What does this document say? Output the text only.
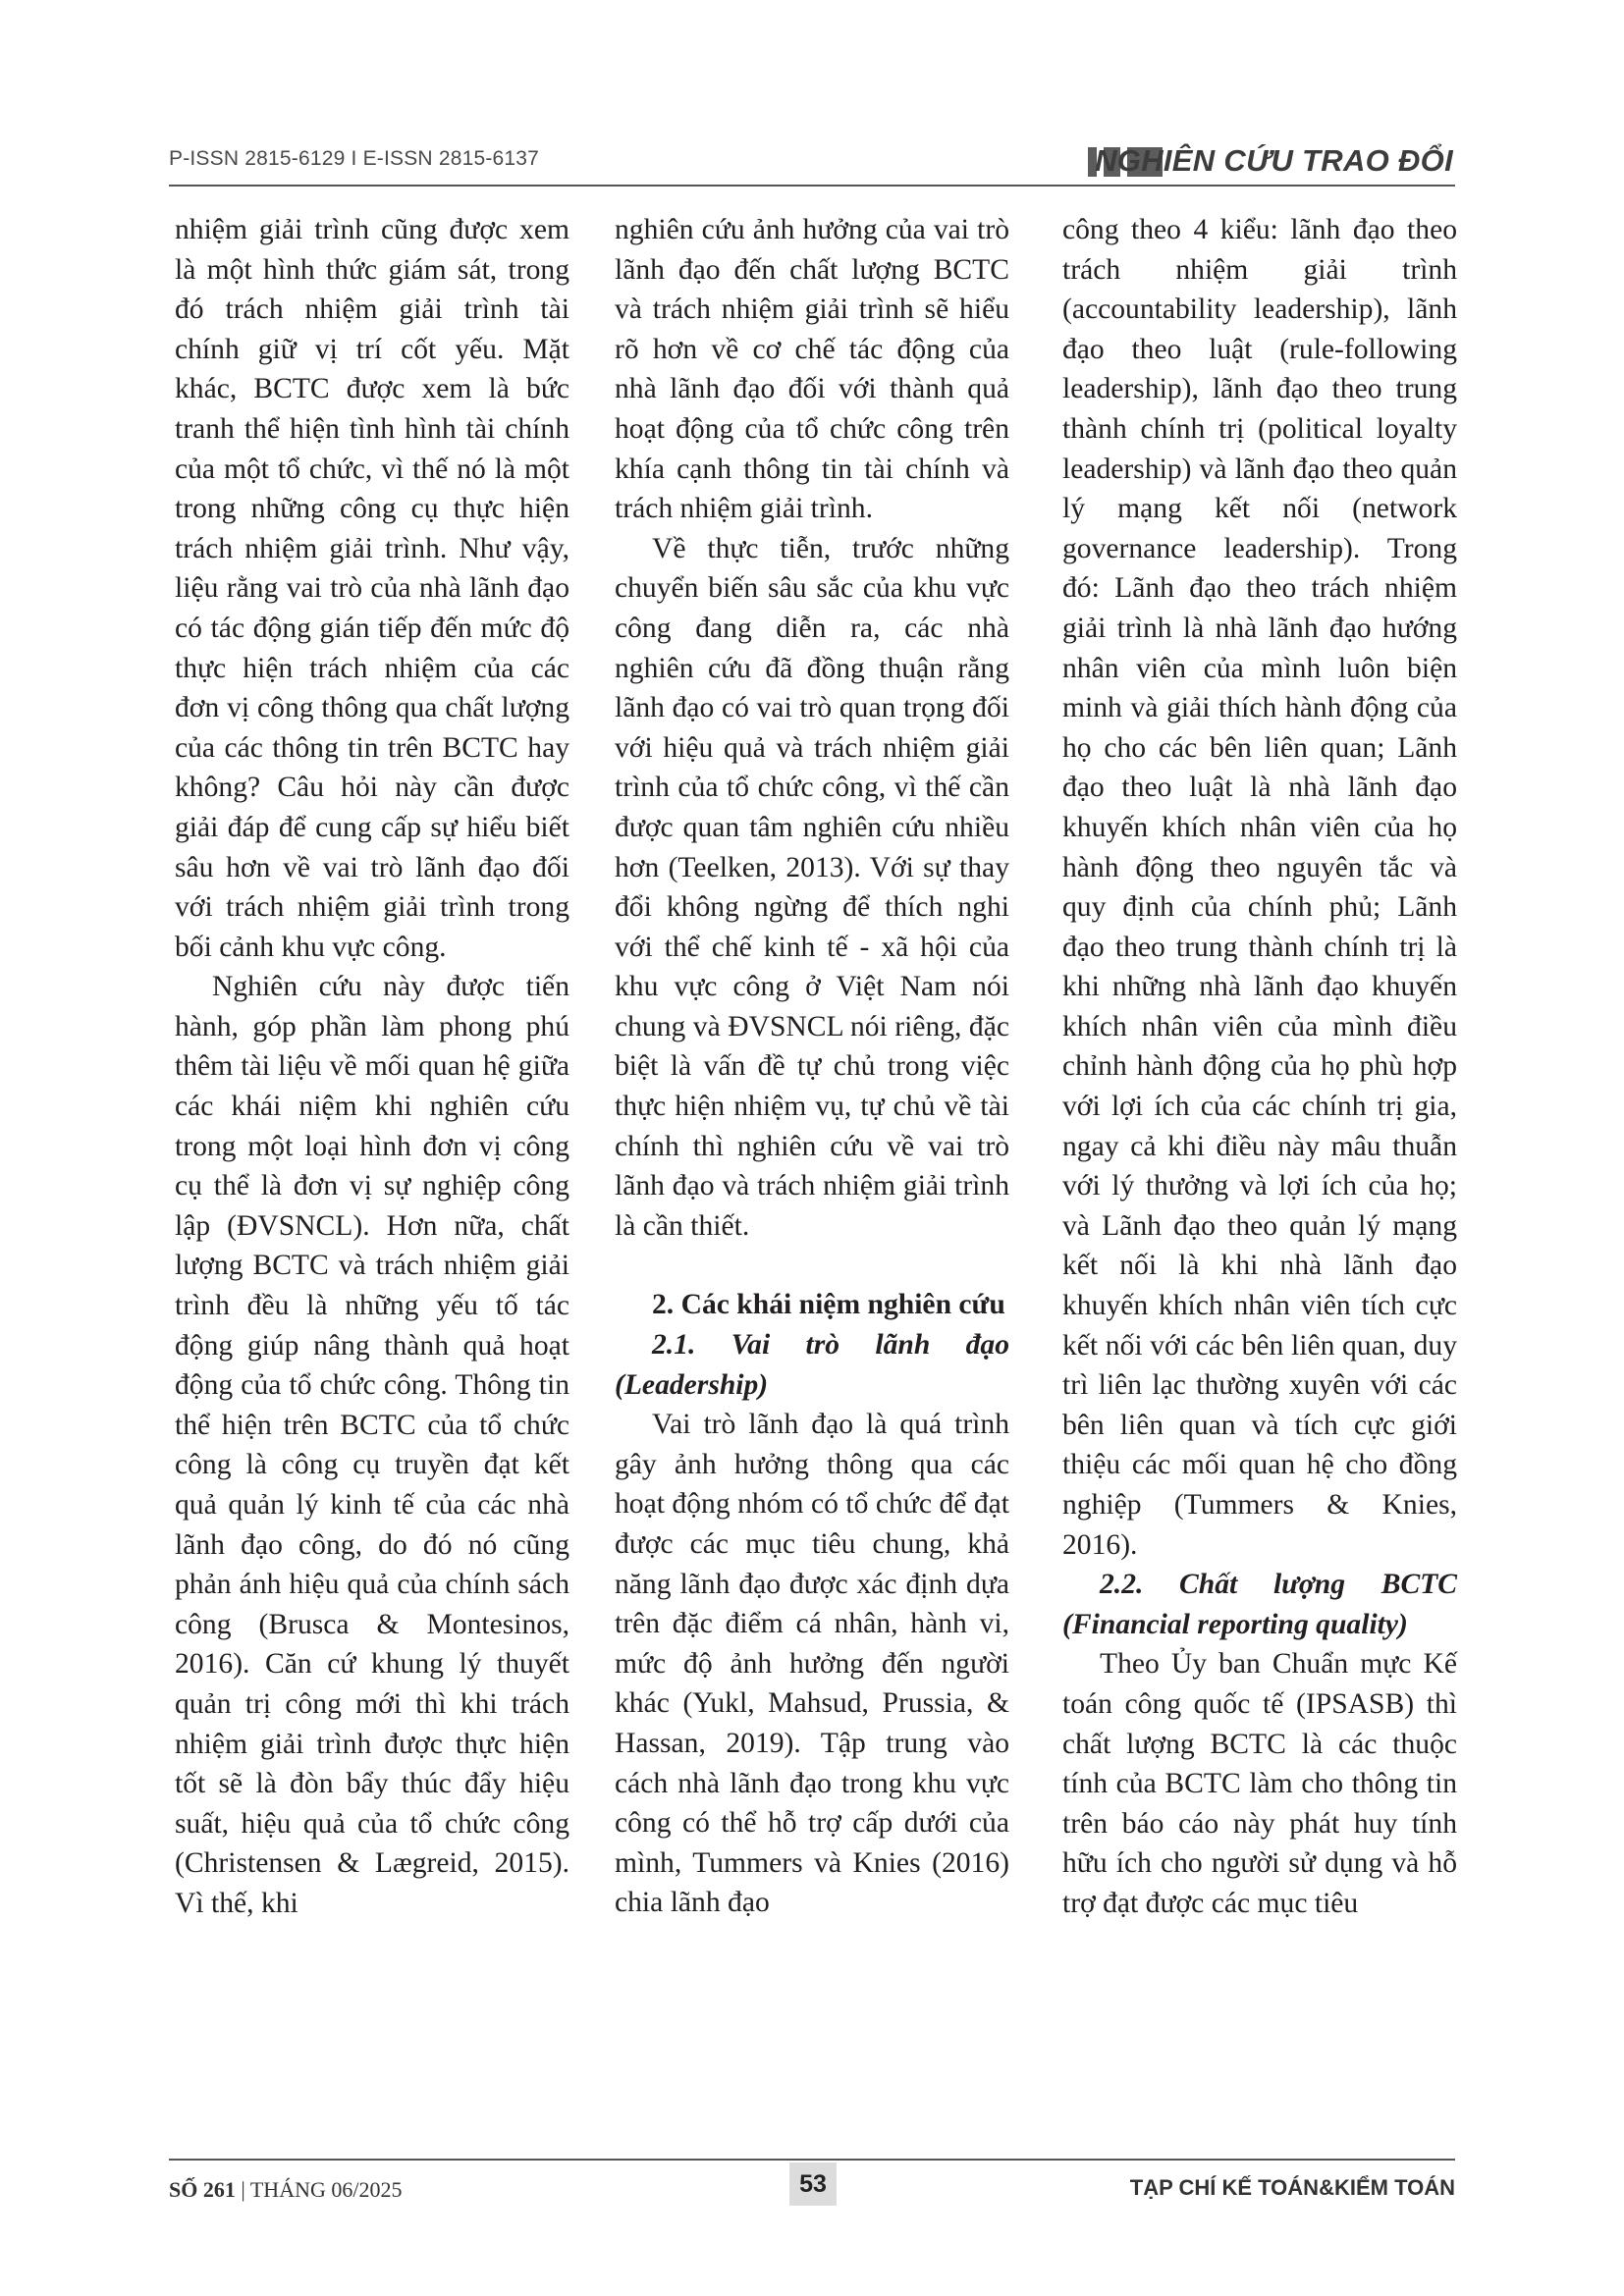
P-ISSN 2815-6129 I E-ISSN 2815-6137	NGHIÊN CỨU TRAO ĐỔI

nhiệm giải trình cũng được xem là một hình thức giám sát, trong đó trách nhiệm giải trình tài chính giữ vị trí cốt yếu. Mặt khác, BCTC được xem là bức tranh thể hiện tình hình tài chính của một tổ chức, vì thế nó là một trong những công cụ thực hiện trách nhiệm giải trình. Như vậy, liệu rằng vai trò của nhà lãnh đạo có tác động gián tiếp đến mức độ thực hiện trách nhiệm của các đơn vị công thông qua chất lượng của các thông tin trên BCTC hay không? Câu hỏi này cần được giải đáp để cung cấp sự hiểu biết sâu hơn về vai trò lãnh đạo đối với trách nhiệm giải trình trong bối cảnh khu vực công.

Nghiên cứu này được tiến hành, góp phần làm phong phú thêm tài liệu về mối quan hệ giữa các khái niệm khi nghiên cứu trong một loại hình đơn vị công cụ thể là đơn vị sự nghiệp công lập (ĐVSNCL). Hơn nữa, chất lượng BCTC và trách nhiệm giải trình đều là những yếu tố tác động giúp nâng thành quả hoạt động của tổ chức công. Thông tin thể hiện trên BCTC của tổ chức công là công cụ truyền đạt kết quả quản lý kinh tế của các nhà lãnh đạo công, do đó nó cũng phản ánh hiệu quả của chính sách công (Brusca & Montesinos, 2016). Căn cứ khung lý thuyết quản trị công mới thì khi trách nhiệm giải trình được thực hiện tốt sẽ là đòn bẩy thúc đẩy hiệu suất, hiệu quả của tổ chức công (Christensen & Lægreid, 2015). Vì thế, khi

nghiên cứu ảnh hưởng của vai trò lãnh đạo đến chất lượng BCTC và trách nhiệm giải trình sẽ hiểu rõ hơn về cơ chế tác động của nhà lãnh đạo đối với thành quả hoạt động của tổ chức công trên khía cạnh thông tin tài chính và trách nhiệm giải trình.

Về thực tiễn, trước những chuyển biến sâu sắc của khu vực công đang diễn ra, các nhà nghiên cứu đã đồng thuận rằng lãnh đạo có vai trò quan trọng đối với hiệu quả và trách nhiệm giải trình của tổ chức công, vì thế cần được quan tâm nghiên cứu nhiều hơn (Teelken, 2013). Với sự thay đổi không ngừng để thích nghi với thể chế kinh tế - xã hội của khu vực công ở Việt Nam nói chung và ĐVSNCL nói riêng, đặc biệt là vấn đề tự chủ trong việc thực hiện nhiệm vụ, tự chủ về tài chính thì nghiên cứu về vai trò lãnh đạo và trách nhiệm giải trình là cần thiết.

2. Các khái niệm nghiên cứu

2.1. Vai trò lãnh đạo (Leadership)

Vai trò lãnh đạo là quá trình gây ảnh hưởng thông qua các hoạt động nhóm có tổ chức để đạt được các mục tiêu chung, khả năng lãnh đạo được xác định dựa trên đặc điểm cá nhân, hành vi, mức độ ảnh hưởng đến người khác (Yukl, Mahsud, Prussia, & Hassan, 2019). Tập trung vào cách nhà lãnh đạo trong khu vực công có thể hỗ trợ cấp dưới của mình, Tummers và Knies (2016) chia lãnh đạo

công theo 4 kiểu: lãnh đạo theo trách nhiệm giải trình (accountability leadership), lãnh đạo theo luật (rule-following leadership), lãnh đạo theo trung thành chính trị (political loyalty leadership) và lãnh đạo theo quản lý mạng kết nối (network governance leadership). Trong đó: Lãnh đạo theo trách nhiệm giải trình là nhà lãnh đạo hướng nhân viên của mình luôn biện minh và giải thích hành động của họ cho các bên liên quan; Lãnh đạo theo luật là nhà lãnh đạo khuyến khích nhân viên của họ hành động theo nguyên tắc và quy định của chính phủ; Lãnh đạo theo trung thành chính trị là khi những nhà lãnh đạo khuyến khích nhân viên của mình điều chỉnh hành động của họ phù hợp với lợi ích của các chính trị gia, ngay cả khi điều này mâu thuẫn với lý thưởng và lợi ích của họ; và Lãnh đạo theo quản lý mạng kết nối là khi nhà lãnh đạo khuyến khích nhân viên tích cực kết nối với các bên liên quan, duy trì liên lạc thường xuyên với các bên liên quan và tích cực giới thiệu các mối quan hệ cho đồng nghiệp (Tummers & Knies, 2016).

2.2. Chất lượng BCTC (Financial reporting quality)

Theo Ủy ban Chuẩn mực Kế toán công quốc tế (IPSASB) thì chất lượng BCTC là các thuộc tính của BCTC làm cho thông tin trên báo cáo này phát huy tính hữu ích cho người sử dụng và hỗ trợ đạt được các mục tiêu

SỐ 261 | THÁNG 06/2025	53	TẠP CHÍ KẾ TOÁN&KIỂM TOÁN
